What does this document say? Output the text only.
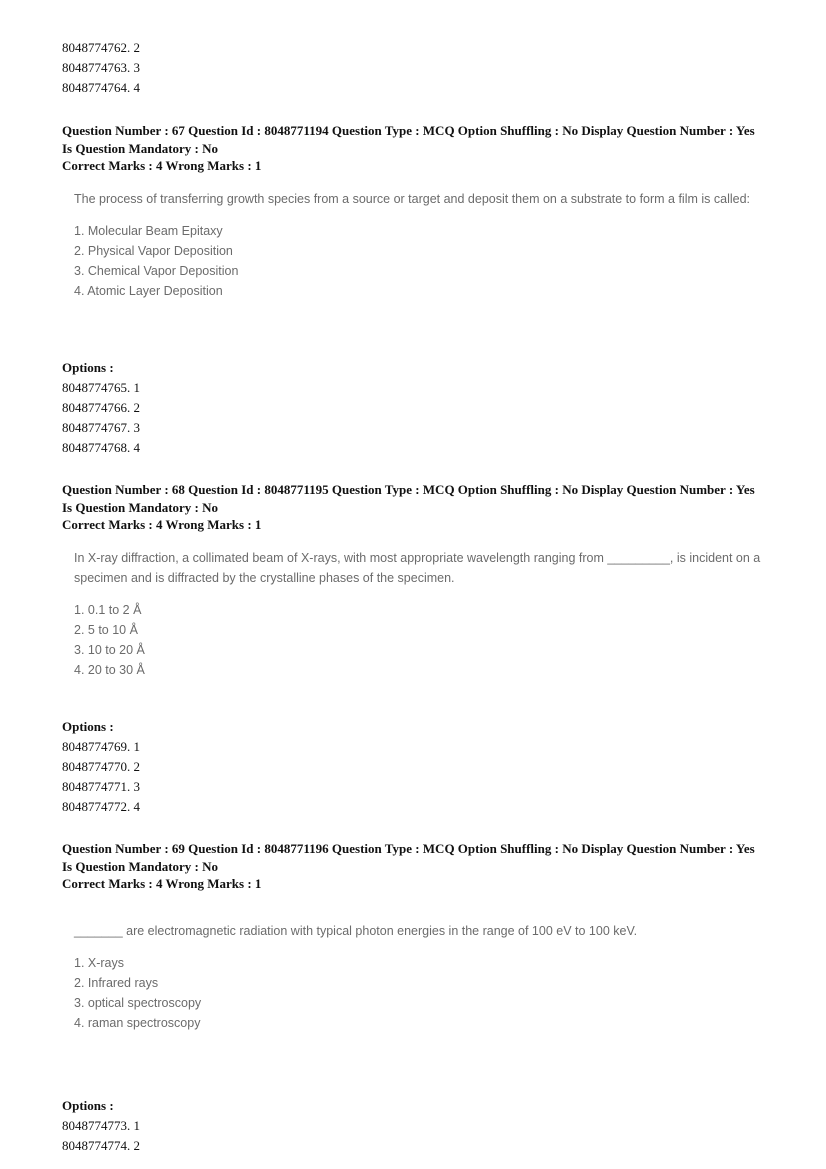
8048774762. 2
8048774763. 3
8048774764. 4
Question Number : 67 Question Id : 8048771194 Question Type : MCQ Option Shuffling : No Display Question Number : Yes
Is Question Mandatory : No
Correct Marks : 4 Wrong Marks : 1
The process of transferring growth species from a source or target and deposit them on a substrate to form a film is called:
1. Molecular Beam Epitaxy
2. Physical Vapor Deposition
3. Chemical Vapor Deposition
4. Atomic Layer Deposition
Options :
8048774765. 1
8048774766. 2
8048774767. 3
8048774768. 4
Question Number : 68 Question Id : 8048771195 Question Type : MCQ Option Shuffling : No Display Question Number : Yes
Is Question Mandatory : No
Correct Marks : 4 Wrong Marks : 1
In X-ray diffraction, a collimated beam of X-rays, with most appropriate wavelength ranging from _________, is incident on a specimen and is diffracted by the crystalline phases of the specimen.
1. 0.1 to 2 Å
2. 5 to 10 Å
3. 10 to 20 Å
4. 20 to 30 Å
Options :
8048774769. 1
8048774770. 2
8048774771. 3
8048774772. 4
Question Number : 69 Question Id : 8048771196 Question Type : MCQ Option Shuffling : No Display Question Number : Yes
Is Question Mandatory : No
Correct Marks : 4 Wrong Marks : 1
_______ are electromagnetic radiation with typical photon energies in the range of 100 eV to 100 keV.
1. X-rays
2. Infrared rays
3. optical spectroscopy
4. raman spectroscopy
Options :
8048774773. 1
8048774774. 2
